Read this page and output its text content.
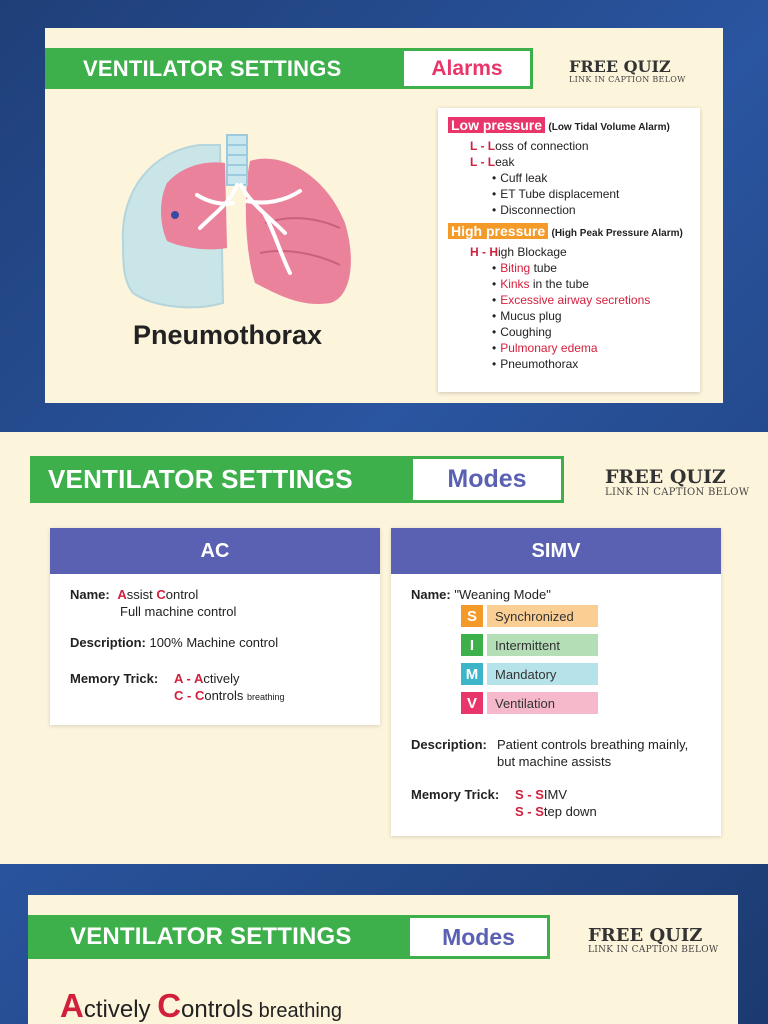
VENTILATOR SETTINGS	Alarms	FREE QUIZ
LINK IN CAPTION BELOW
Pneumothorax
Low pressure (Low Tidal Volume Alarm)
L - Loss of connection
L - Leak
• Cuff leak
• ET Tube displacement
• Disconnection
High pressure (High Peak Pressure Alarm)
H - High Blockage
• Biting tube
• Kinks in the tube
• Excessive airway secretions
• Mucus plug
• Coughing
• Pulmonary edema
• Pneumothorax
VENTILATOR SETTINGS	Modes	FREE QUIZ
LINK IN CAPTION BELOW
AC
Name: Assist Control
Full machine control
Description: 100% Machine control
Memory Trick: A - Actively
C - Controls breathing
SIMV
Name: "Weaning Mode"
S	Synchronized
I	Intermittent
M	Mandatory
V	Ventilation
Description: Patient controls breathing mainly,
but machine assists
Memory Trick: S - SIMV
S - Step down
VENTILATOR SETTINGS	Modes	FREE QUIZ
LINK IN CAPTION BELOW
Actively Controls breathing
